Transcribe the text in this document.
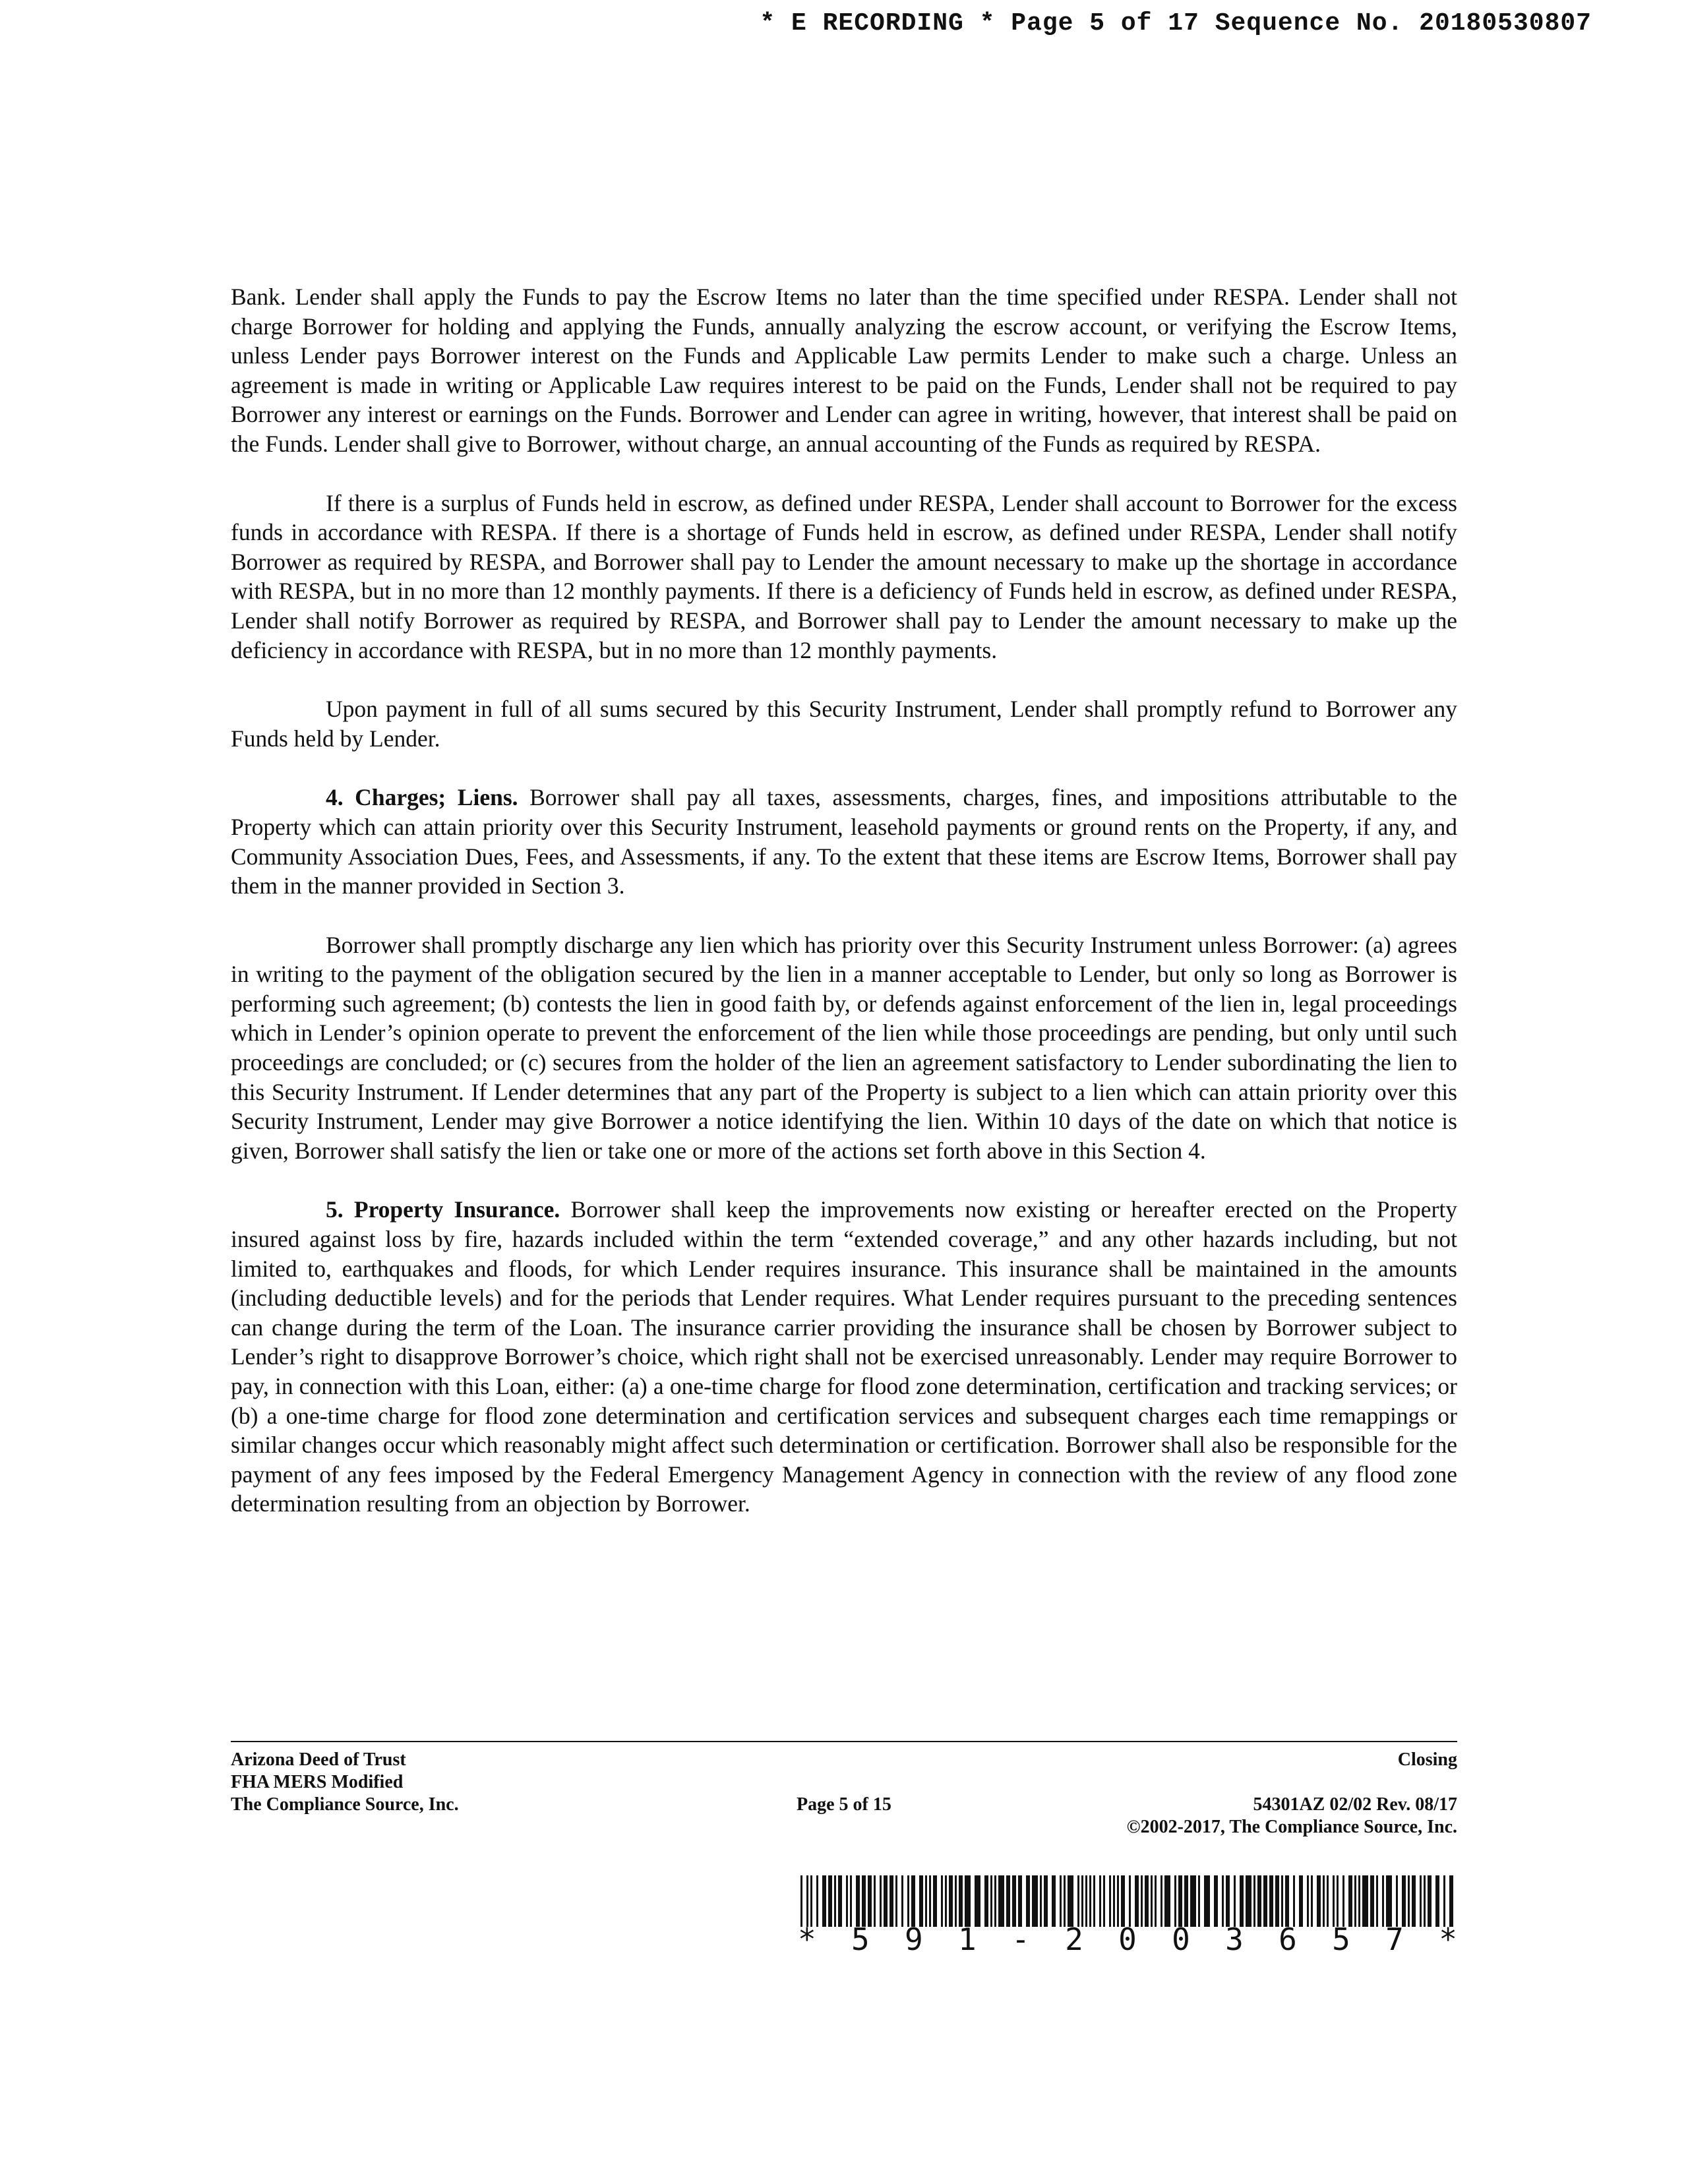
* E RECORDING * Page 5 of 17 Sequence No. 20180530807

Bank. Lender shall apply the Funds to pay the Escrow Items no later than the time specified under RESPA. Lender shall not charge Borrower for holding and applying the Funds, annually analyzing the escrow account, or verifying the Escrow Items, unless Lender pays Borrower interest on the Funds and Applicable Law permits Lender to make such a charge. Unless an agreement is made in writing or Applicable Law requires interest to be paid on the Funds, Lender shall not be required to pay Borrower any interest or earnings on the Funds. Borrower and Lender can agree in writing, however, that interest shall be paid on the Funds. Lender shall give to Borrower, without charge, an annual accounting of the Funds as required by RESPA.

If there is a surplus of Funds held in escrow, as defined under RESPA, Lender shall account to Borrower for the excess funds in accordance with RESPA. If there is a shortage of Funds held in escrow, as defined under RESPA, Lender shall notify Borrower as required by RESPA, and Borrower shall pay to Lender the amount necessary to make up the shortage in accordance with RESPA, but in no more than 12 monthly payments. If there is a deficiency of Funds held in escrow, as defined under RESPA, Lender shall notify Borrower as required by RESPA, and Borrower shall pay to Lender the amount necessary to make up the deficiency in accordance with RESPA, but in no more than 12 monthly payments.

Upon payment in full of all sums secured by this Security Instrument, Lender shall promptly refund to Borrower any Funds held by Lender.

4. Charges; Liens. Borrower shall pay all taxes, assessments, charges, fines, and impositions attributable to the Property which can attain priority over this Security Instrument, leasehold payments or ground rents on the Property, if any, and Community Association Dues, Fees, and Assessments, if any. To the extent that these items are Escrow Items, Borrower shall pay them in the manner provided in Section 3.

Borrower shall promptly discharge any lien which has priority over this Security Instrument unless Borrower: (a) agrees in writing to the payment of the obligation secured by the lien in a manner acceptable to Lender, but only so long as Borrower is performing such agreement; (b) contests the lien in good faith by, or defends against enforcement of the lien in, legal proceedings which in Lender’s opinion operate to prevent the enforcement of the lien while those proceedings are pending, but only until such proceedings are concluded; or (c) secures from the holder of the lien an agreement satisfactory to Lender subordinating the lien to this Security Instrument. If Lender determines that any part of the Property is subject to a lien which can attain priority over this Security Instrument, Lender may give Borrower a notice identifying the lien. Within 10 days of the date on which that notice is given, Borrower shall satisfy the lien or take one or more of the actions set forth above in this Section 4.

5. Property Insurance. Borrower shall keep the improvements now existing or hereafter erected on the Property insured against loss by fire, hazards included within the term “extended coverage,” and any other hazards including, but not limited to, earthquakes and floods, for which Lender requires insurance. This insurance shall be maintained in the amounts (including deductible levels) and for the periods that Lender requires. What Lender requires pursuant to the preceding sentences can change during the term of the Loan. The insurance carrier providing the insurance shall be chosen by Borrower subject to Lender’s right to disapprove Borrower’s choice, which right shall not be exercised unreasonably. Lender may require Borrower to pay, in connection with this Loan, either: (a) a one-time charge for flood zone determination, certification and tracking services; or (b) a one-time charge for flood zone determination and certification services and subsequent charges each time remappings or similar changes occur which reasonably might affect such determination or certification. Borrower shall also be responsible for the payment of any fees imposed by the Federal Emergency Management Agency in connection with the review of any flood zone determination resulting from an objection by Borrower.

Arizona Deed of Trust
FHA MERS Modified
The Compliance Source, Inc.
Closing
Page 5 of 15	54301AZ 02/02 Rev. 08/17
©2002-2017, The Compliance Source, Inc.
* 5 9 1 - 2 0 0 3 6 5 7 *
